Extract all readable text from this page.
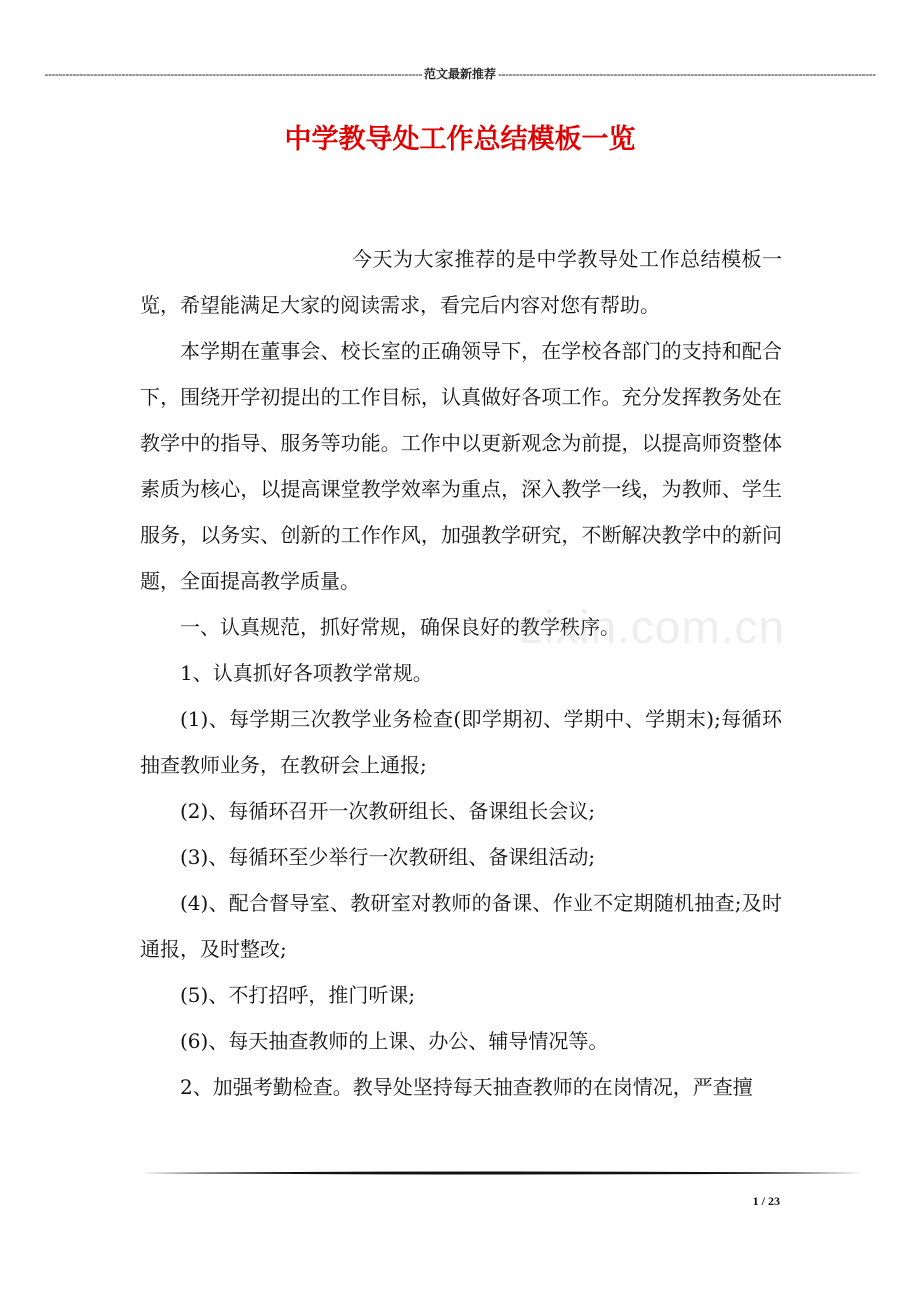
------------------------------------------------------------------------------------------------------------ 范文最新推荐 ------------------------------------------------------------------------------------------------------------
中学教导处工作总结模板一览

今天为大家推荐的是中学教导处工作总结模板一览，希望能满足大家的阅读需求，看完后内容对您有帮助。

本学期在董事会、校长室的正确领导下，在学校各部门的支持和配合下，围绕开学初提出的工作目标，认真做好各项工作。充分发挥教务处在教学中的指导、服务等功能。工作中以更新观念为前提，以提高师资整体素质为核心，以提高课堂教学效率为重点，深入教学一线，为教师、学生服务，以务实、创新的工作作风，加强教学研究，不断解决教学中的新问题，全面提高教学质量。

一、认真规范，抓好常规，确保良好的教学秩序。

1、认真抓好各项教学常规。

(1)、每学期三次教学业务检查(即学期初、学期中、学期末);每循环抽查教师业务，在教研会上通报;

(2)、每循环召开一次教研组长、备课组长会议;

(3)、每循环至少举行一次教研组、备课组活动;

(4)、配合督导室、教研室对教师的备课、作业不定期随机抽查;及时通报，及时整改;

(5)、不打招呼，推门听课;

(6)、每天抽查教师的上课、办公、辅导情况等。

2、加强考勤检查。教导处坚持每天抽查教师的在岗情况，严查擅

zixin.com.cn
1 / 23
